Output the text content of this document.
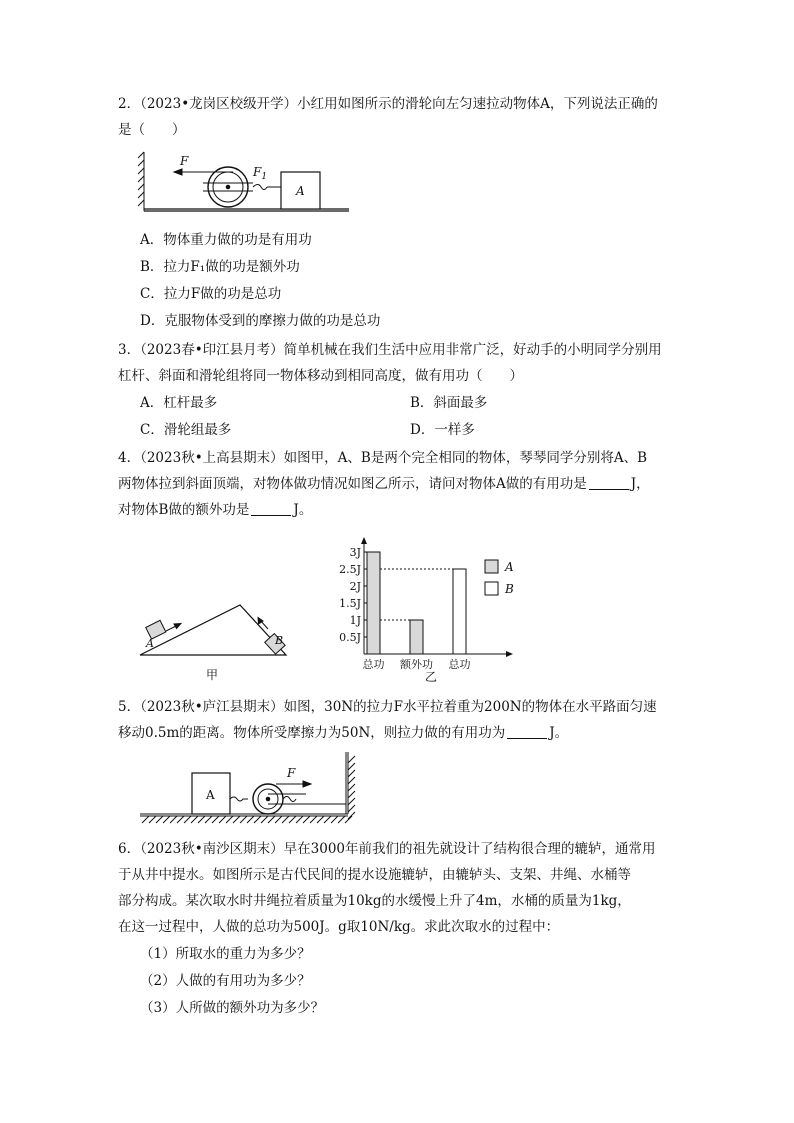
2．（2023•龙岗区校级开学）小红用如图所示的滑轮向左匀速拉动物体A，下列说法正确的
是（　　）
F
$F_1$
A
A．物体重力做的功是有用功
B．拉力F₁做的功是额外功
C．拉力F做的功是总功
D．克服物体受到的摩擦力做的功是总功
3．（2023春•印江县月考）简单机械在我们生活中应用非常广泛，好动手的小明同学分别用
杠杆、斜面和滑轮组将同一物体移动到相同高度，做有用功（　　）
A．杠杆最多	B．斜面最多
C．滑轮组最多	D．一样多
4．（2023秋•上高县期末）如图甲，A、B是两个完全相同的物体，琴琴同学分别将A、B
两物体拉到斜面顶端，对物体做功情况如图乙所示，请问对物体A做的有用功是	J，
对物体B做的额外功是	J。
A	B
甲
0.5J
1J
1.5J
2J
2.5J
3J
总功 额外功 总功
A
B
乙
5．（2023秋•庐江县期末）如图，30N的拉力F水平拉着重为200N的物体在水平路面匀速
移动0.5m的距离。物体所受摩擦力为50N，则拉力做的有用功为	J。
A
F
6．（2023秋•南沙区期末）早在3000年前我们的祖先就设计了结构很合理的辘轳，通常用
于从井中提水。如图所示是古代民间的提水设施辘轳，由辘轳头、支架、井绳、水桶等
部分构成。某次取水时井绳拉着质量为10kg的水缓慢上升了4m，水桶的质量为1kg，
在这一过程中，人做的总功为500J。g取10N/kg。求此次取水的过程中：
（1）所取水的重力为多少？
（2）人做的有用功为多少？
（3）人所做的额外功为多少？
